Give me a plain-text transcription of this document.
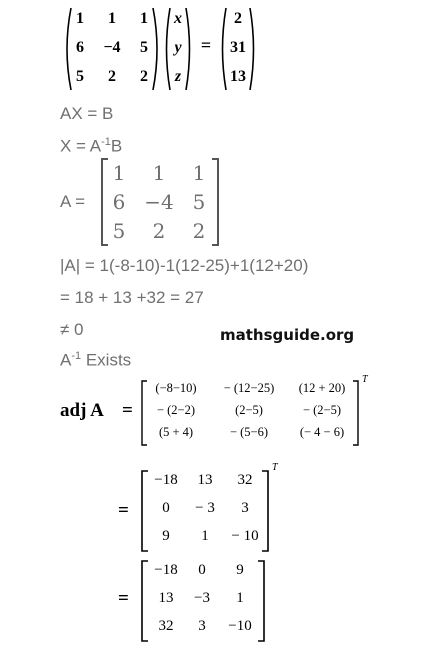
1	1	1
6	−4	5
5	2	2
x
y
z
=
2
31
13
AX = B
$X = A^{-1}B$
A =
1	1	1
6 −4 5
5	2	2
|A| = 1(-8-10)-1(12-25)+1(12+20)
= 18 + 13 +32 = 27
≠ 0	mathsguide.org
$A^{-1}$ Exists
adj A =
(−8−10)	− (12−25)	(12 + 20)
− (2−2)	(2−5)	− (2−5)
(5 + 4)	− (5−6)	(− 4 − 6)
T
=
−18	13	32
0	− 3	3
9	1	− 10
T
=
−18	0	9
13	−3	1
32	3	−10
